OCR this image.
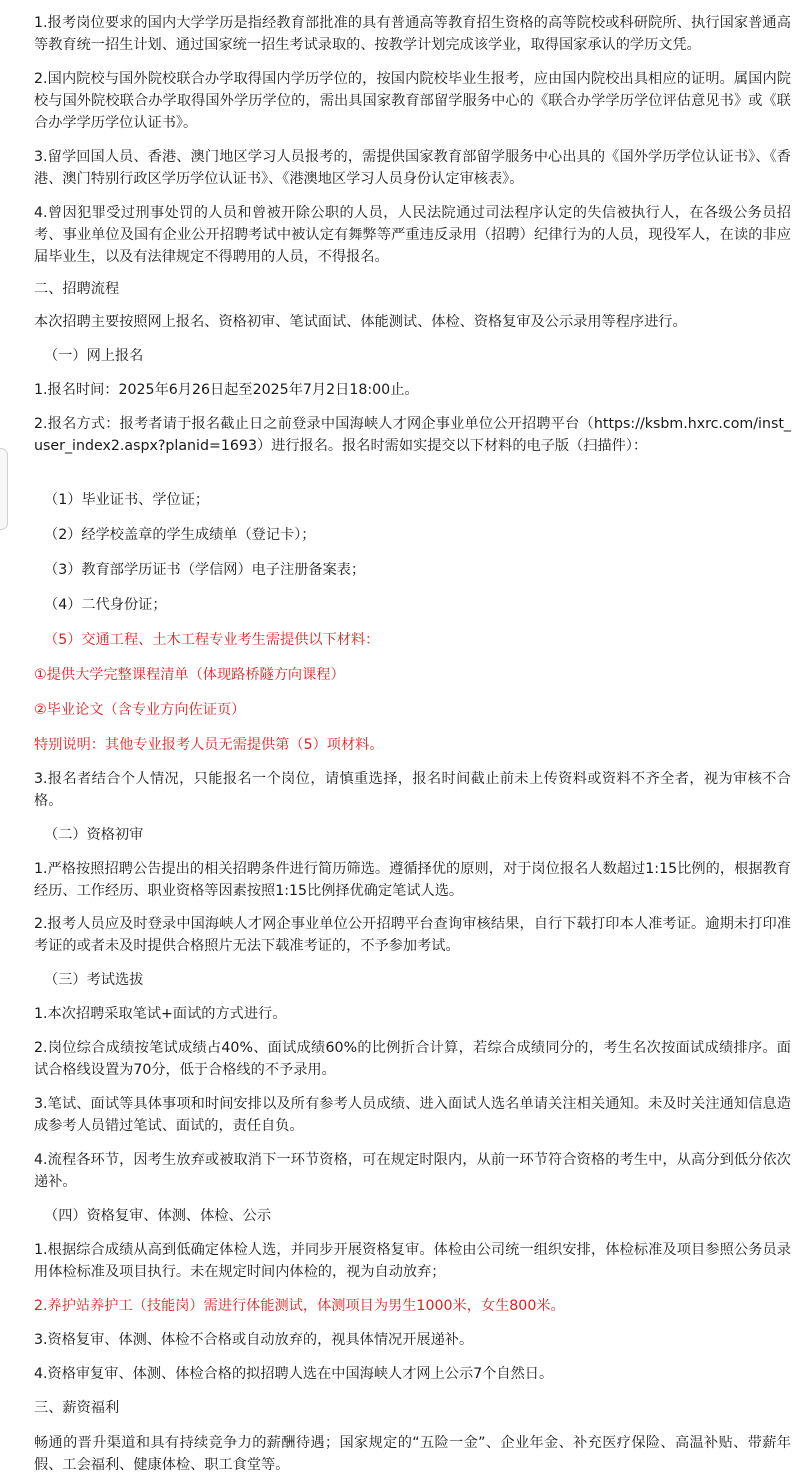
1.报考岗位要求的国内大学学历是指经教育部批准的具有普通高等教育招生资格的高等院校或科研院所、执行国家普通高等教育统一招生计划、通过国家统一招生考试录取的、按教学计划完成该学业，取得国家承认的学历文凭。

2.国内院校与国外院校联合办学取得国内学历学位的，按国内院校毕业生报考，应由国内院校出具相应的证明。属国内院校与国外院校联合办学取得国外学历学位的，需出具国家教育部留学服务中心的《联合办学学历学位评估意见书》或《联合办学学历学位认证书》。

3.留学回国人员、香港、澳门地区学习人员报考的，需提供国家教育部留学服务中心出具的《国外学历学位认证书》、《香港、澳门特别行政区学历学位认证书》、《港澳地区学习人员身份认定审核表》。

4.曾因犯罪受过刑事处罚的人员和曾被开除公职的人员，人民法院通过司法程序认定的失信被执行人，在各级公务员招考、事业单位及国有企业公开招聘考试中被认定有舞弊等严重违反录用（招聘）纪律行为的人员，现役军人，在读的非应届毕业生，以及有法律规定不得聘用的人员，不得报名。

二、招聘流程

本次招聘主要按照网上报名、资格初审、笔试面试、体能测试、体检、资格复审及公示录用等程序进行。

（一）网上报名

1.报名时间：2025年6月26日起至2025年7月2日18:00止。

2.报名方式：报考者请于报名截止日之前登录中国海峡人才网企事业单位公开招聘平台（https://ksbm.hxrc.com/inst_user_index2.aspx?planid=1693）进行报名。报名时需如实提交以下材料的电子版（扫描件）：

（1）毕业证书、学位证；

（2）经学校盖章的学生成绩单（登记卡）；

（3）教育部学历证书（学信网）电子注册备案表；

（4）二代身份证；

（5）交通工程、土木工程专业考生需提供以下材料：

①提供大学完整课程清单（体现路桥隧方向课程）

②毕业论文（含专业方向佐证页）

特别说明：其他专业报考人员无需提供第（5）项材料。

3.报名者结合个人情况，只能报名一个岗位，请慎重选择，报名时间截止前未上传资料或资料不齐全者，视为审核不合格。

（二）资格初审

1.严格按照招聘公告提出的相关招聘条件进行简历筛选。遵循择优的原则，对于岗位报名人数超过1:15比例的，根据教育经历、工作经历、职业资格等因素按照1:15比例择优确定笔试人选。

2.报考人员应及时登录中国海峡人才网企事业单位公开招聘平台查询审核结果，自行下载打印本人准考证。逾期未打印准考证的或者未及时提供合格照片无法下载准考证的，不予参加考试。

（三）考试选拔

1.本次招聘采取笔试+面试的方式进行。

2.岗位综合成绩按笔试成绩占40%、面试成绩60%的比例折合计算，若综合成绩同分的，考生名次按面试成绩排序。面试合格线设置为70分，低于合格线的不予录用。

3.笔试、面试等具体事项和时间安排以及所有参考人员成绩、进入面试人选名单请关注相关通知。未及时关注通知信息造成参考人员错过笔试、面试的，责任自负。

4.流程各环节，因考生放弃或被取消下一环节资格，可在规定时限内，从前一环节符合资格的考生中，从高分到低分依次递补。

（四）资格复审、体测、体检、公示

1.根据综合成绩从高到低确定体检人选，并同步开展资格复审。体检由公司统一组织安排，体检标准及项目参照公务员录用体检标准及项目执行。未在规定时间内体检的，视为自动放弃；

2.养护站养护工（技能岗）需进行体能测试，体测项目为男生1000米，女生800米。

3.资格复审、体测、体检不合格或自动放弃的，视具体情况开展递补。

4.资格审复审、体测、体检合格的拟招聘人选在中国海峡人才网上公示7个自然日。

三、薪资福利

畅通的晋升渠道和具有持续竞争力的薪酬待遇；国家规定的“五险一金”、企业年金、补充医疗保险、高温补贴、带薪年假、工会福利、健康体检、职工食堂等。
